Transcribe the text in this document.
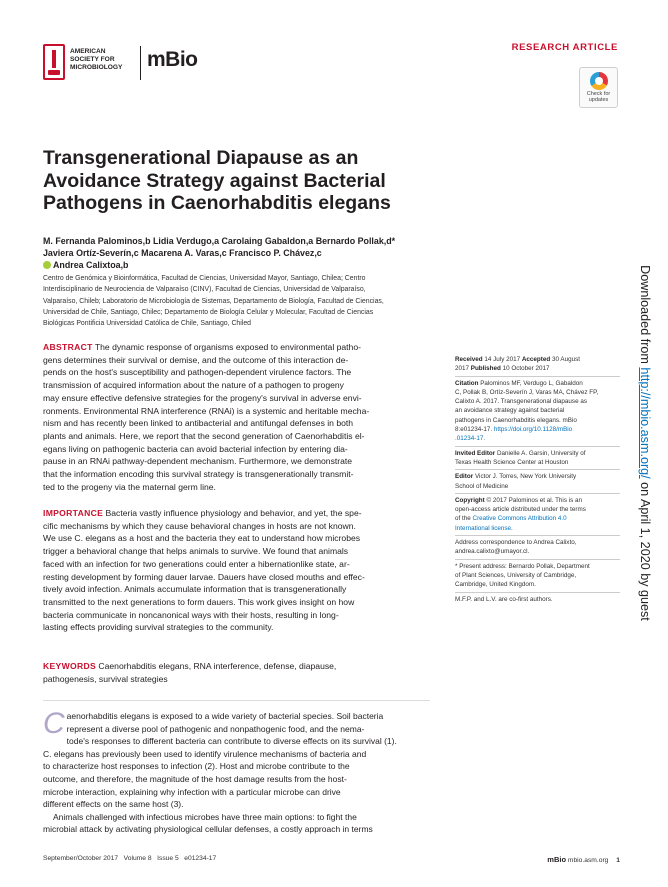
AMERICAN
SOCIETY FOR
MICROBIOLOGY	mBio
RESEARCH ARTICLE
Check for
updates
Transgenerational Diapause as an
Avoidance Strategy against Bacterial
Pathogens in Caenorhabditis elegans
M. Fernanda Palominos,b Lidia Verdugo,a Carolaing Gabaldon,a Bernardo Pollak,d*
Javiera Ortíz-Severín,c Macarena A. Varas,c Francisco P. Chávez,c
Andrea Calixtoa,b
Centro de Genómica y Bioinformática, Facultad de Ciencias, Universidad Mayor, Santiago, Chilea; Centro
Interdisciplinario de Neurociencia de Valparaíso (CINV), Facultad de Ciencias, Universidad de Valparaíso,
Valparaíso, Chileb; Laboratorio de Microbiología de Sistemas, Departamento de Biología, Facultad de Ciencias,
Universidad de Chile, Santiago, Chilec; Departamento de Biología Celular y Molecular, Facultad de Ciencias
Biológicas Pontificia Universidad Católica de Chile, Santiago, Chiled
ABSTRACT The dynamic response of organisms exposed to environmental patho-
gens determines their survival or demise, and the outcome of this interaction de-
pends on the host's susceptibility and pathogen-dependent virulence factors. The
transmission of acquired information about the nature of a pathogen to progeny
may ensure effective defensive strategies for the progeny's survival in adverse envi-
ronments. Environmental RNA interference (RNAi) is a systemic and heritable mecha-
nism and has recently been linked to antibacterial and antifungal defenses in both
plants and animals. Here, we report that the second generation of Caenorhabditis el-
egans living on pathogenic bacteria can avoid bacterial infection by entering dia-
pause in an RNAi pathway-dependent mechanism. Furthermore, we demonstrate
that the information encoding this survival strategy is transgenerationally transmit-
ted to the progeny via the maternal germ line.
IMPORTANCE Bacteria vastly influence physiology and behavior, and yet, the spe-
cific mechanisms by which they cause behavioral changes in hosts are not known.
We use C. elegans as a host and the bacteria they eat to understand how microbes
trigger a behavioral change that helps animals to survive. We found that animals
faced with an infection for two generations could enter a hibernationlike state, ar-
resting development by forming dauer larvae. Dauers have closed mouths and effec-
tively avoid infection. Animals accumulate information that is transgenerationally
transmitted to the next generations to form dauers. This work gives insight on how
bacteria communicate in noncanonical ways with their hosts, resulting in long-
lasting effects providing survival strategies to the community.
KEYWORDS Caenorhabditis elegans, RNA interference, defense, diapause,
pathogenesis, survival strategies
C aenorhabditis elegans is exposed to a wide variety of bacterial species. Soil bacteria
represent a diverse pool of pathogenic and nonpathogenic food, and the nema-
tode's responses to different bacteria can contribute to diverse effects on its survival (1).
C. elegans has previously been used to identify virulence mechanisms of bacteria and
to characterize host responses to infection (2). Host and microbe contribute to the
outcome, and therefore, the magnitude of the host damage results from the host-
microbe interaction, explaining why infection with a particular microbe can drive
different effects on the same host (3).
Animals challenged with infectious microbes have three main options: to fight the
microbial attack by activating physiological cellular defenses, a costly approach in terms
Received 14 July 2017 Accepted 30 August
2017 Published 10 October 2017
Citation Palominos MF, Verdugo L, Gabaldon
C, Pollak B, Ortíz-Severín J, Varas MA, Chávez FP,
Calixto A. 2017. Transgenerational diapause as
an avoidance strategy against bacterial
pathogens in Caenorhabditis elegans. mBio
8:e01234-17. https://doi.org/10.1128/mBio
.01234-17.
Invited Editor Danielle A. Garsin, University of
Texas Health Science Center at Houston
Editor Victor J. Torres, New York University
School of Medicine
Copyright © 2017 Palominos et al. This is an
open-access article distributed under the terms
of the Creative Commons Attribution 4.0
International license.
Address correspondence to Andrea Calixto,
andrea.calixto@umayor.cl.
* Present address: Bernardo Pollak, Department
of Plant Sciences, University of Cambridge,
Cambridge, United Kingdom.
M.F.P. and L.V. are co-first authors.
Downloaded from http://mbio.asm.org/ on April 1, 2020 by guest
September/October 2017   Volume 8   Issue 5   e01234-17	mBio mbio.asm.org 1
